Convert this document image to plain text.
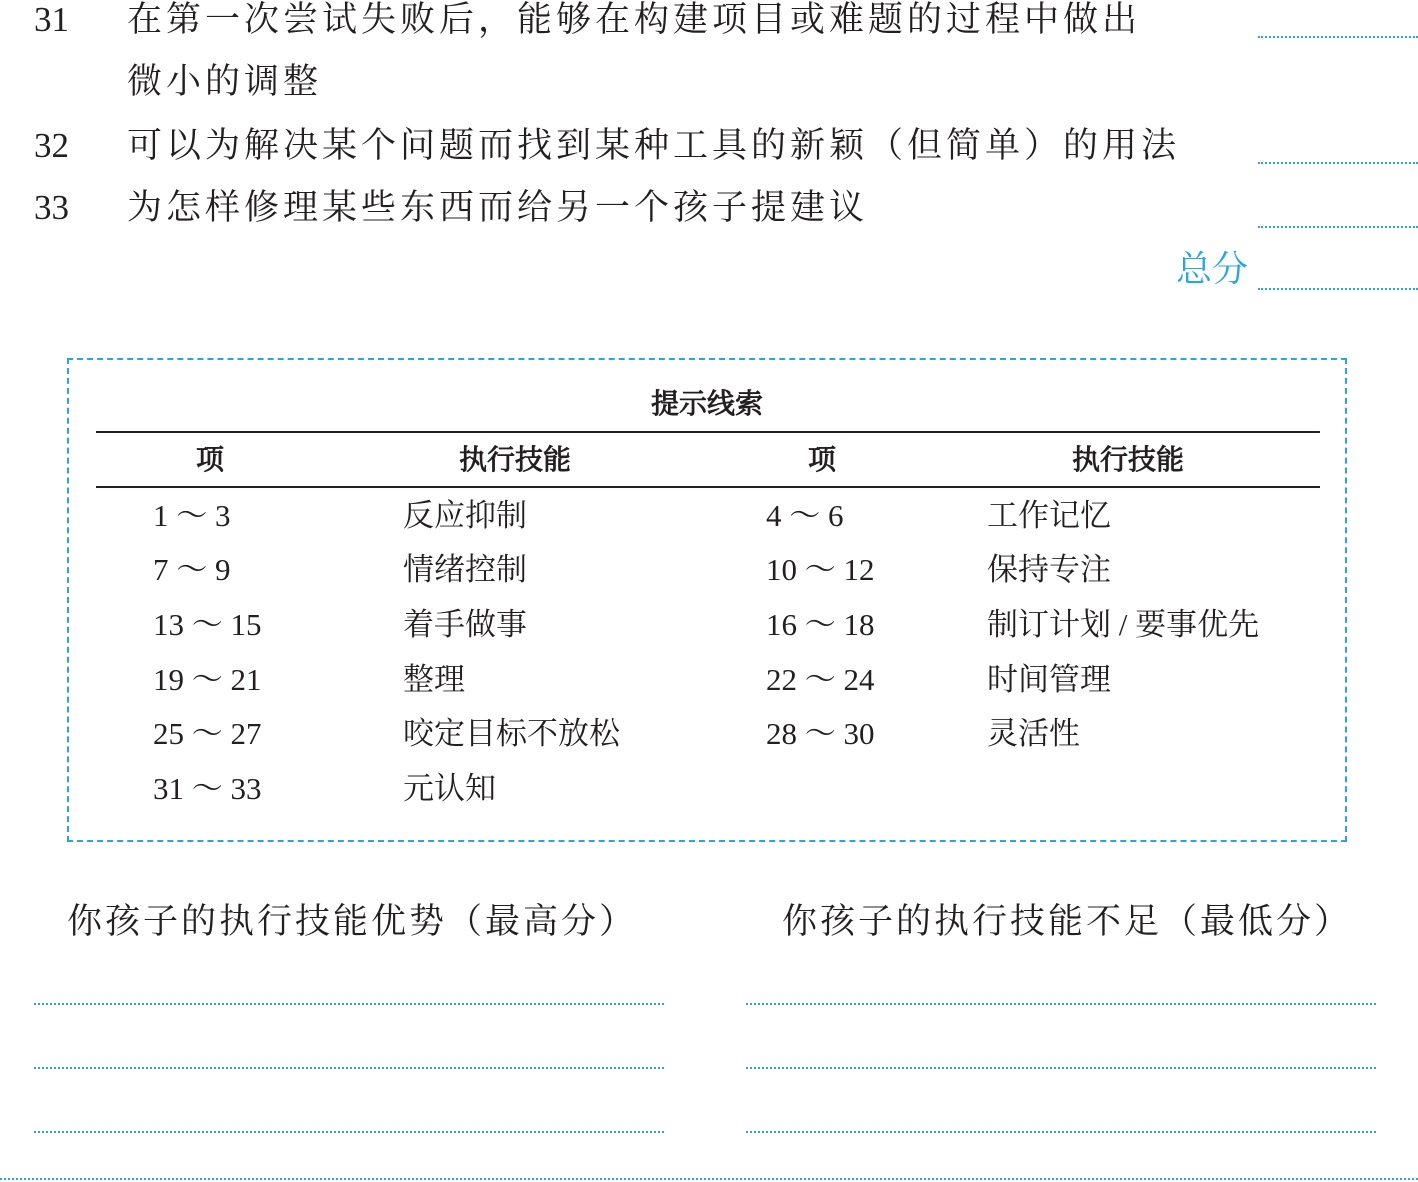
31 在第一次尝试失败后，能够在构建项目或难题的过程中做出
微小的调整
32 可以为解决某个问题而找到某种工具的新颖（但简单）的用法
33 为怎样修理某些东西而给另一个孩子提建议
总分
提示线索
项	执行技能	项	执行技能
1 ～ 3	反应抑制	4 ～ 6	工作记忆
7 ～ 9	情绪控制	10 ～ 12	保持专注
13 ～ 15	着手做事	16 ～ 18	制订计划 / 要事优先
19 ～ 21	整理	22 ～ 24	时间管理
25 ～ 27	咬定目标不放松	28 ～ 30	灵活性
31 ～ 33	元认知
你孩子的执行技能优势（最高分）	你孩子的执行技能不足（最低分）
